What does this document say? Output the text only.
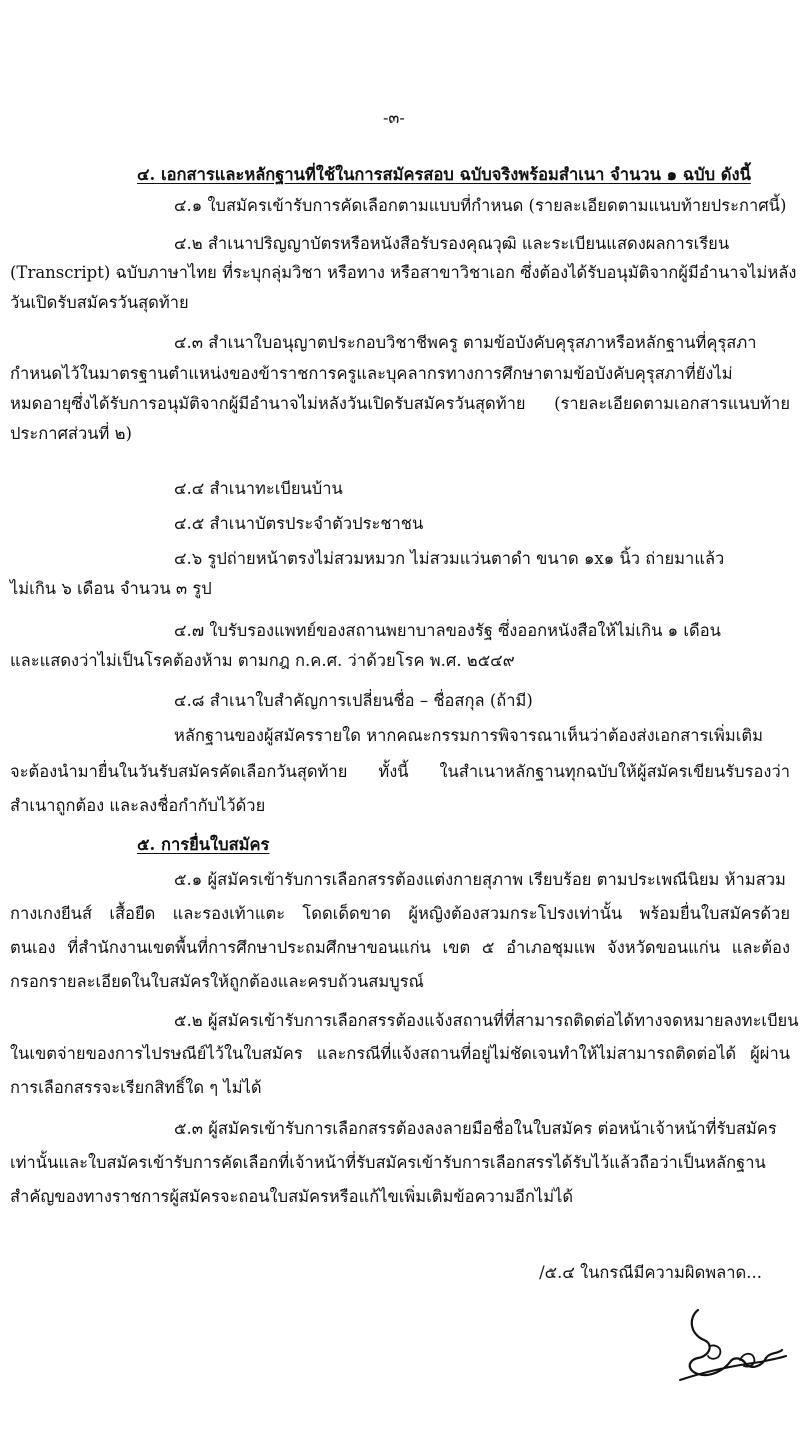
-๓-
๔. เอกสารและหลักฐานที่ใช้ในการสมัครสอบ ฉบับจริงพร้อมสำเนา จำนวน ๑ ฉบับ ดังนี้
๔.๑ ใบสมัครเข้ารับการคัดเลือกตามแบบที่กำหนด (รายละเอียดตามแนบท้ายประกาศนี้)
๔.๒ สำเนาปริญญาบัตรหรือหนังสือรับรองคุณวุฒิ และระเบียนแสดงผลการเรียน
(Transcript) ฉบับภาษาไทย ที่ระบุกลุ่มวิชา หรือทาง หรือสาขาวิชาเอก ซึ่งต้องได้รับอนุมัติจากผู้มีอำนาจไม่หลัง
วันเปิดรับสมัครวันสุดท้าย
๔.๓ สำเนาใบอนุญาตประกอบวิชาชีพครู ตามข้อบังคับคุรุสภาหรือหลักฐานที่คุรุสภา
กำหนดไว้ในมาตรฐานตำแหน่งของข้าราชการครูและบุคลากรทางการศึกษาตามข้อบังคับคุรุสภาที่ยังไม่
หมดอายุซึ่งได้รับการอนุมัติจากผู้มีอำนาจไม่หลังวันเปิดรับสมัครวันสุดท้าย (รายละเอียดตามเอกสารแนบท้าย
ประกาศส่วนที่ ๒)
๔.๔ สำเนาทะเบียนบ้าน
๔.๕ สำเนาบัตรประจำตัวประชาชน
๔.๖ รูปถ่ายหน้าตรงไม่สวมหมวก ไม่สวมแว่นตาดำ ขนาด ๑x๑ นิ้ว ถ่ายมาแล้ว
ไม่เกิน ๖ เดือน จำนวน ๓ รูป
๔.๗ ใบรับรองแพทย์ของสถานพยาบาลของรัฐ ซึ่งออกหนังสือให้ไม่เกิน ๑ เดือน
และแสดงว่าไม่เป็นโรคต้องห้าม ตามกฎ ก.ค.ศ. ว่าด้วยโรค พ.ศ. ๒๕๔๙
๔.๘ สำเนาใบสำคัญการเปลี่ยนชื่อ – ชื่อสกุล (ถ้ามี)
หลักฐานของผู้สมัครรายใด หากคณะกรรมการพิจารณาเห็นว่าต้องส่งเอกสารเพิ่มเติม
จะต้องนำมายื่นในวันรับสมัครคัดเลือกวันสุดท้าย ทั้งนี้ ในสำเนาหลักฐานทุกฉบับให้ผู้สมัครเขียนรับรองว่า
สำเนาถูกต้อง และลงชื่อกำกับไว้ด้วย
๕. การยื่นใบสมัคร
๕.๑ ผู้สมัครเข้ารับการเลือกสรรต้องแต่งกายสุภาพ เรียบร้อย ตามประเพณีนิยม ห้ามสวม
กางเกงยีนส์ เสื้อยืด และรองเท้าแตะ โดดเด็ดขาด ผู้หญิงต้องสวมกระโปรงเท่านั้น พร้อมยื่นใบสมัครด้วย
ตนเอง ที่สำนักงานเขตพื้นที่การศึกษาประถมศึกษาขอนแก่น เขต ๕ อำเภอชุมแพ จังหวัดขอนแก่น และต้อง
กรอกรายละเอียดในใบสมัครให้ถูกต้องและครบถ้วนสมบูรณ์
๕.๒ ผู้สมัครเข้ารับการเลือกสรรต้องแจ้งสถานที่ที่สามารถติดต่อได้ทางจดหมายลงทะเบียน
ในเขตจ่ายของการไปรษณีย์ไว้ในใบสมัคร และกรณีที่แจ้งสถานที่อยู่ไม่ชัดเจนทำให้ไม่สามารถติดต่อได้ ผู้ผ่าน
การเลือกสรรจะเรียกสิทธิ์ใด ๆ ไม่ได้
๕.๓ ผู้สมัครเข้ารับการเลือกสรรต้องลงลายมือชื่อในใบสมัคร ต่อหน้าเจ้าหน้าที่รับสมัคร
เท่านั้นและใบสมัครเข้ารับการคัดเลือกที่เจ้าหน้าที่รับสมัครเข้ารับการเลือกสรรได้รับไว้แล้วถือว่าเป็นหลักฐาน
สำคัญของทางราชการผู้สมัครจะถอนใบสมัครหรือแก้ไขเพิ่มเติมข้อความอีกไม่ได้
/๕.๔ ในกรณีมีความผิดพลาด...
